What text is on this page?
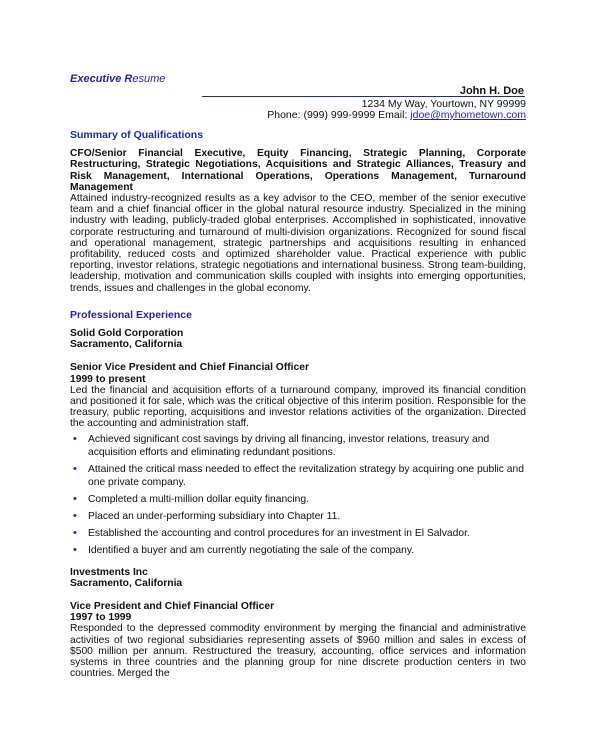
Executive Resume
John H. Doe
1234 My Way, Yourtown, NY 99999
Phone: (999) 999-9999 Email: jdoe@myhometown.com
Summary of Qualifications

CFO/Senior Financial Executive, Equity Financing, Strategic Planning, Corporate Restructuring, Strategic Negotiations, Acquisitions and Strategic Alliances, Treasury and Risk Management, International Operations, Operations Management, Turnaround Management

Attained industry-recognized results as a key advisor to the CEO, member of the senior executive team and a chief financial officer in the global natural resource industry. Specialized in the mining industry with leading, publicly-traded global enterprises. Accomplished in sophisticated, innovative corporate restructuring and turnaround of multi-division organizations. Recognized for sound fiscal and operational management, strategic partnerships and acquisitions resulting in enhanced profitability, reduced costs and optimized shareholder value. Practical experience with public reporting, investor relations, strategic negotiations and international business. Strong team-building, leadership, motivation and communication skills coupled with insights into emerging opportunities, trends, issues and challenges in the global economy.

Professional Experience
Solid Gold Corporation
Sacramento, California
Senior Vice President and Chief Financial Officer
1999 to present

Led the financial and acquisition efforts of a turnaround company, improved its financial condition and positioned it for sale, which was the critical objective of this interim position. Responsible for the treasury, public reporting, acquisitions and investor relations activities of the organization. Directed the accounting and administration staff.

• Achieved significant cost savings by driving all financing, investor relations, treasury and acquisition efforts and eliminating redundant positions.
• Attained the critical mass needed to effect the revitalization strategy by acquiring one public and one private company.
• Completed a multi-million dollar equity financing.
• Placed an under-performing subsidiary into Chapter 11.
• Established the accounting and control procedures for an investment in El Salvador.
• Identified a buyer and am currently negotiating the sale of the company.
Investments Inc
Sacramento, California
Vice President and Chief Financial Officer
1997 to 1999

Responded to the depressed commodity environment by merging the financial and administrative activities of two regional subsidiaries representing assets of $960 million and sales in excess of $500 million per annum. Restructured the treasury, accounting, office services and information systems in three countries and the planning group for nine discrete production centers in two countries. Merged the
